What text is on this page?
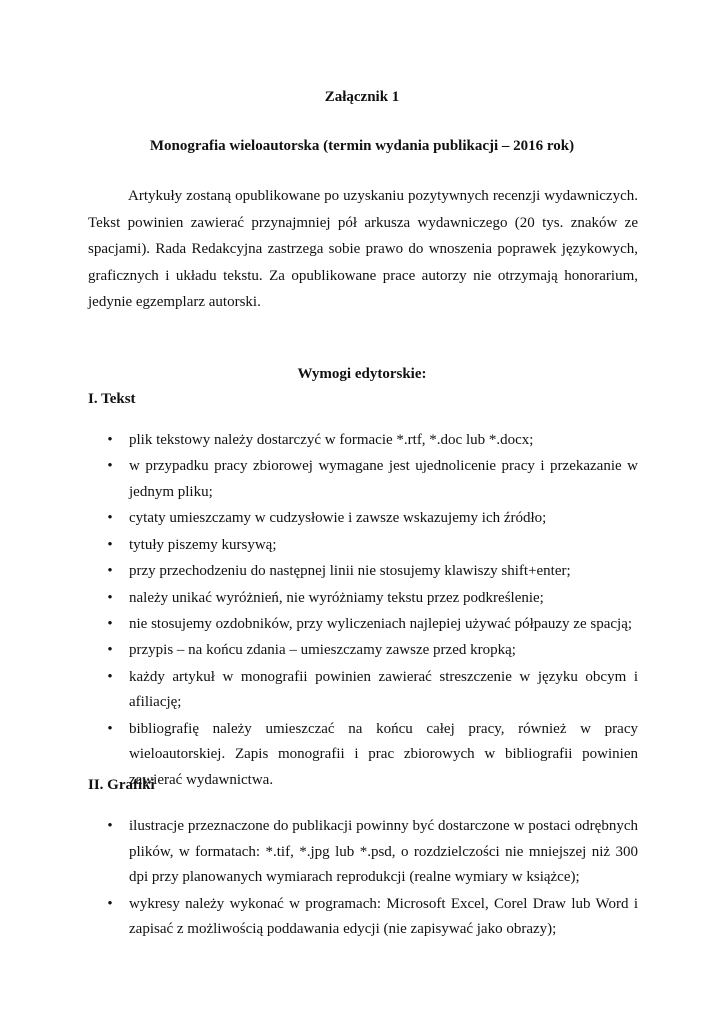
Załącznik 1
Monografia wieloautorska (termin wydania publikacji – 2016 rok)

Artykuły zostaną opublikowane po uzyskaniu pozytywnych recenzji wydawniczych. Tekst powinien zawierać przynajmniej pół arkusza wydawniczego (20 tys. znaków ze spacjami). Rada Redakcyjna zastrzega sobie prawo do wnoszenia poprawek językowych, graficznych i układu tekstu. Za opublikowane prace autorzy nie otrzymają honorarium, jedynie egzemplarz autorski.

Wymogi edytorskie:
I. Tekst
• plik tekstowy należy dostarczyć w formacie *.rtf, *.doc lub *.docx;
• w przypadku pracy zbiorowej wymagane jest ujednolicenie pracy i przekazanie w jednym pliku;
• cytaty umieszczamy w cudzysłowie i zawsze wskazujemy ich źródło;
• tytuły piszemy kursywą;
• przy przechodzeniu do następnej linii nie stosujemy klawiszy shift+enter;
• należy unikać wyróżnień, nie wyróżniamy tekstu przez podkreślenie;
• nie stosujemy ozdobników, przy wyliczeniach najlepiej używać półpauzy ze spacją;
• przypis – na końcu zdania – umieszczamy zawsze przed kropką;
• każdy artykuł w monografii powinien zawierać streszczenie w języku obcym i afiliację;
• bibliografię należy umieszczać na końcu całej pracy, również w pracy wieloautorskiej. Zapis monografii i prac zbiorowych w bibliografii powinien zawierać wydawnictwa.
II. Grafiki
• ilustracje przeznaczone do publikacji powinny być dostarczone w postaci odrębnych plików, w formatach: *.tif, *.jpg lub *.psd, o rozdzielczości nie mniejszej niż 300 dpi przy planowanych wymiarach reprodukcji (realne wymiary w książce);
• wykresy należy wykonać w programach: Microsoft Excel, Corel Draw lub Word i zapisać z możliwością poddawania edycji (nie zapisywać jako obrazy);
